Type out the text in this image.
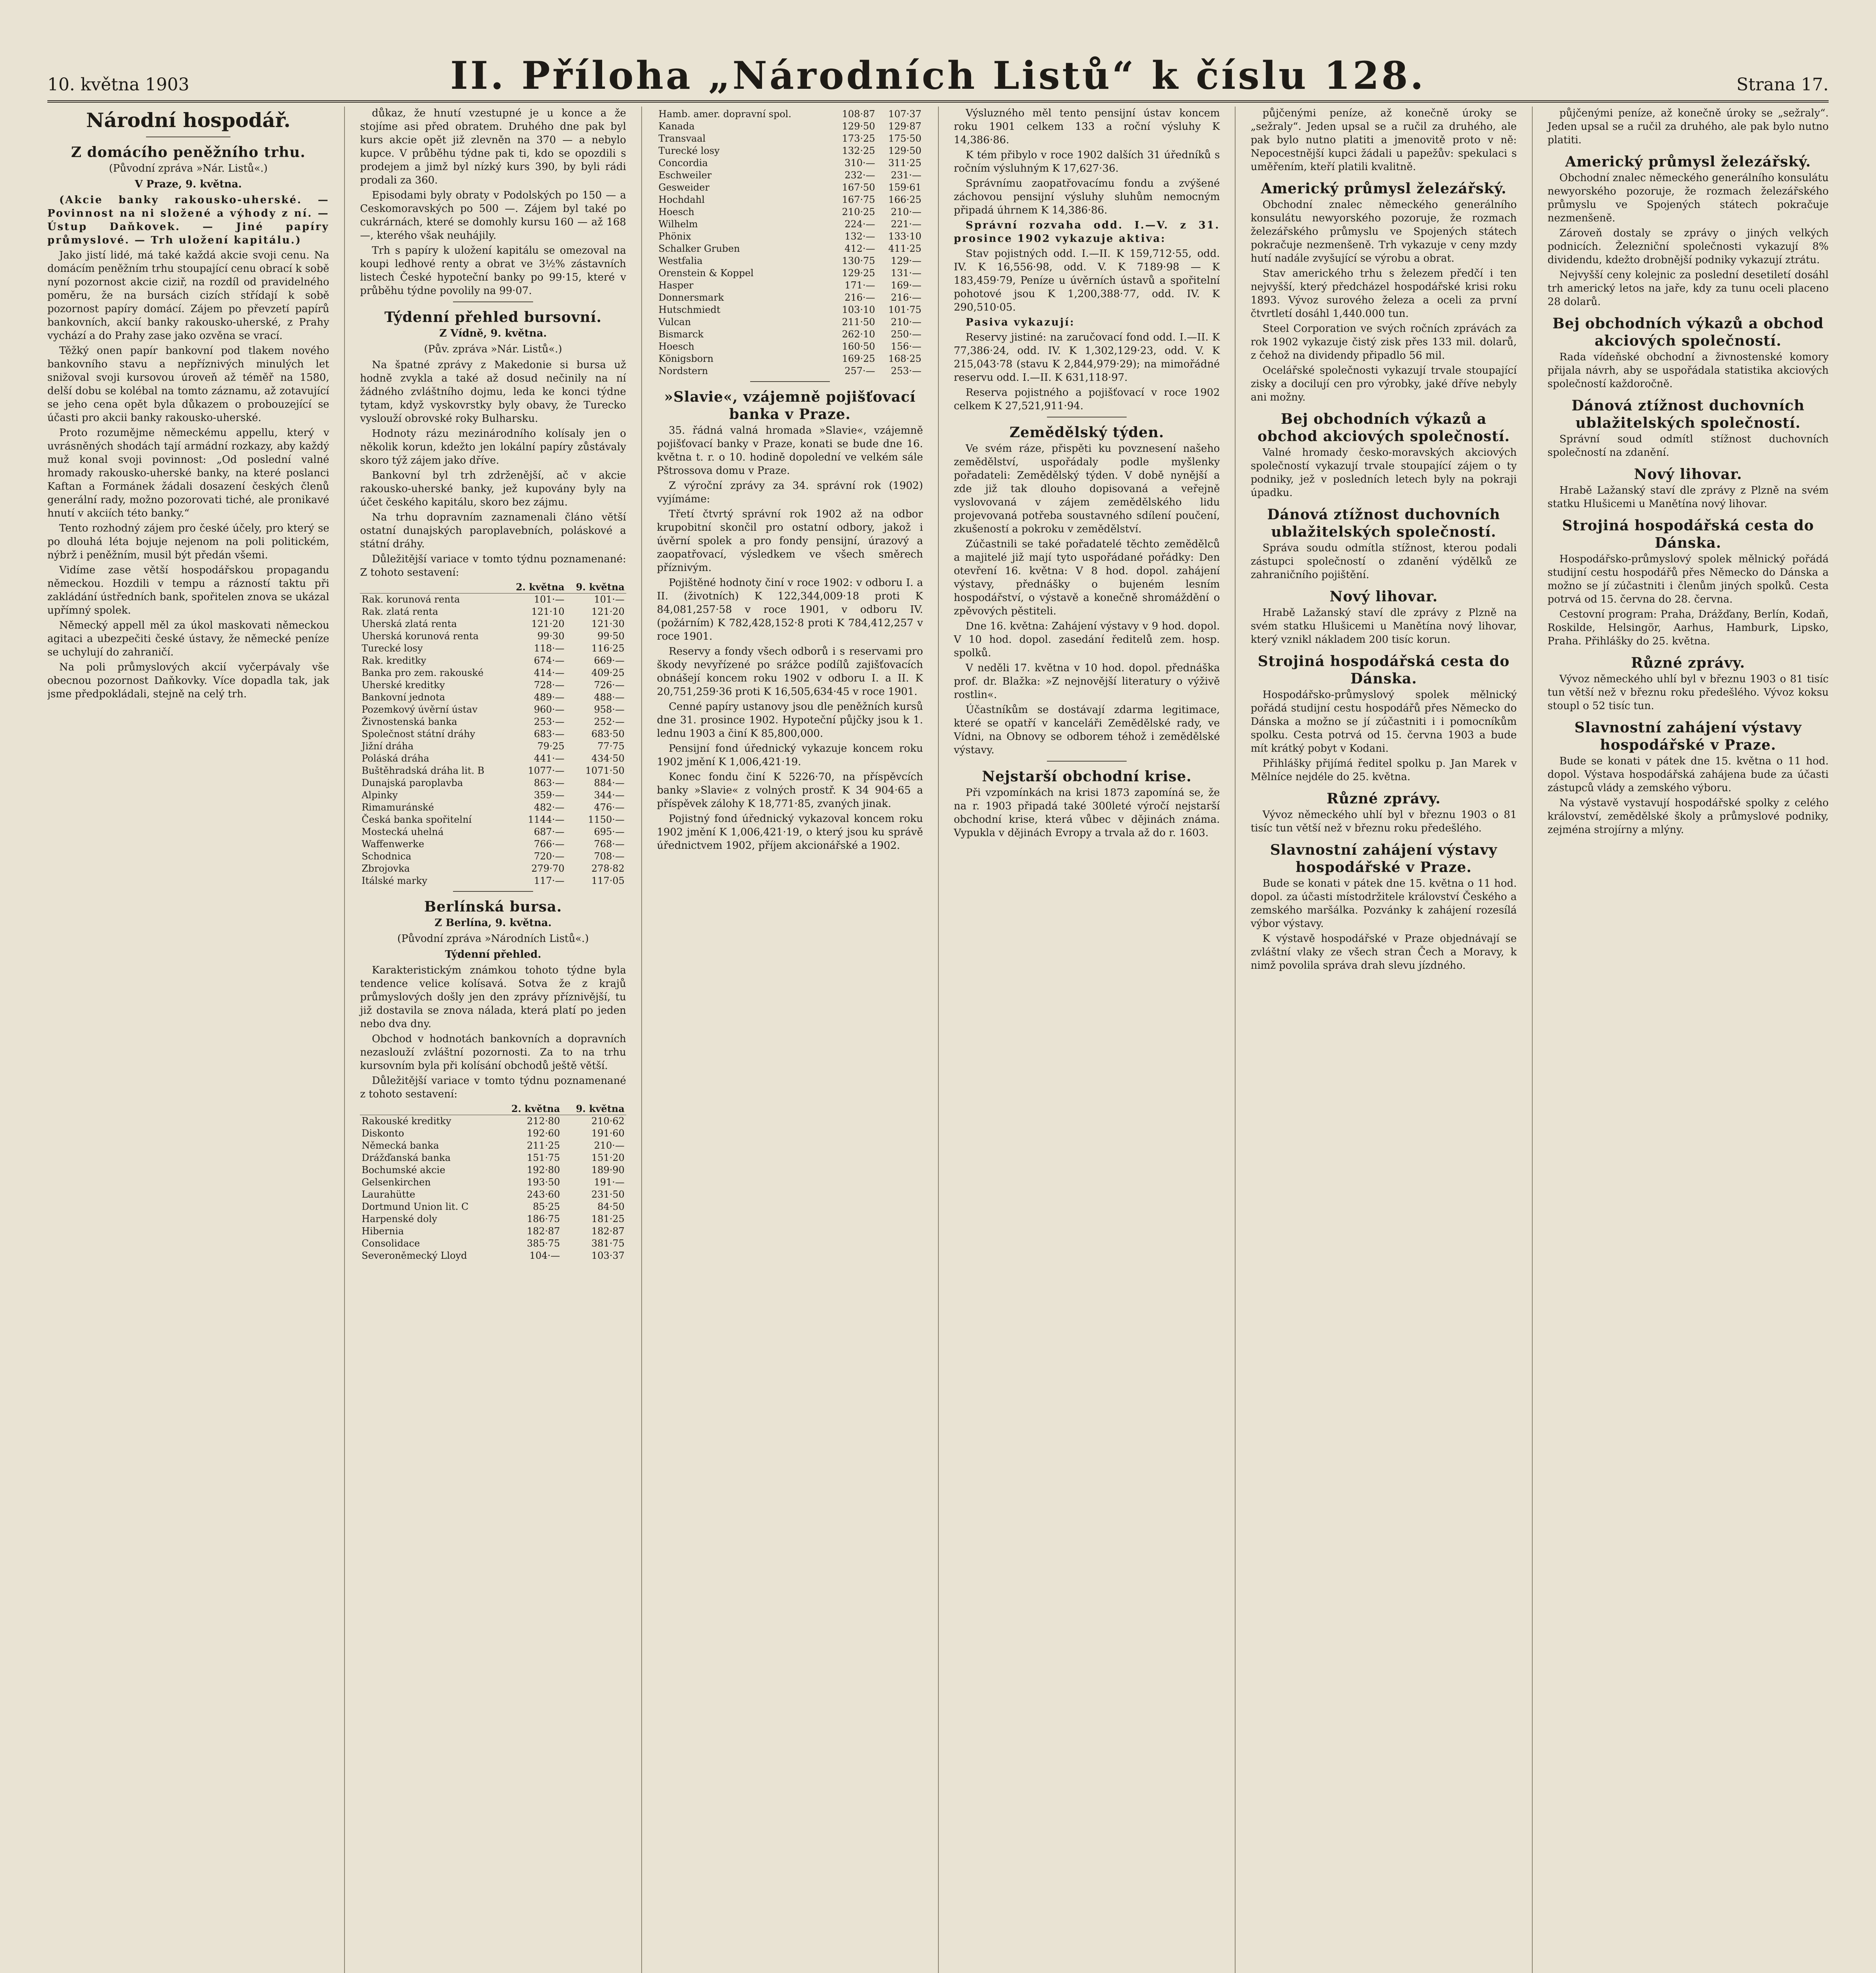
10. května 1903	II. Příloha „Národních Listů“ k číslu 128.	Strana 17.
Národní hospodář.
Z domácího peněžního trhu.
(Původní zpráva »Nár. Listů«.)
V Praze, 9. května.

(Akcie banky rakousko-uherské. — Povinnost na ni složené a výhody z ní. — Ústup Daňkovek. — Jiné papíry průmyslové. — Trh uložení kapitálu.)

Jako jistí lidé, má také každá akcie svoji cenu. Na domácím peněžním trhu stoupající cenu obrací k sobě nyní pozornost akcie ciziř, na rozdíl od pravidelného poměru, že na bursách cizích střídají k sobě pozornost papíry domácí. Zájem po převzetí papírů bankovních, akcií banky rakousko-uherské, z Prahy vychází a do Prahy zase jako ozvěna se vrací.

Těžký onen papír bankovní pod tlakem nového bankovního stavu a nepříznivých minulých let snižoval svoji kursovou úroveň až téměř na 1580, delší dobu se kolébal na tomto záznamu, až zotavující se jeho cena opět byla důkazem o probouzející se účasti pro akcii banky rakousko-uherské.

Proto rozumějme německému appellu, který v uvrásněných shodách tají armádní rozkazy, aby každý muž konal svoji povinnost: „Od poslední valné hromady rakousko-uherské banky, na které poslanci Kaftan a Formánek žádali dosazení českých členů generální rady, možno pozorovati tiché, ale pronikavé hnutí v akciích této banky.“

Tento rozhodný zájem pro české účely, pro který se po dlouhá léta bojuje nejenom na poli politickém, nýbrž i peněžním, musil být předán všemi.

Vidíme zase větší hospodářskou propagandu německou. Hozdili v tempu a rázností taktu při zakládání ústředních bank, spořitelen znova se ukázal upřímný spolek.

Německý appell měl za úkol maskovati německou agitaci a ubezpečiti české ústavy, že německé peníze se uchylují do zahraničí.

Na poli průmyslových akcií vyčerpávaly vše obecnou pozornost Daňkovky. Více dopadla tak, jak jsme předpokládali, stejně na celý trh.

důkaz, že hnutí vzestupné je u konce a že stojíme asi před obratem. Druhého dne pak byl kurs akcie opět již zlevněn na 370 — a nebylo kupce. V průběhu týdne pak ti, kdo se opozdili s prodejem a jimž byl nízký kurs 390, by byli rádi prodali za 360.

Episodami byly obraty v Podolských po 150 — a Ceskomoravských po 500 —. Zájem byl také po cukrárnách, které se domohly kursu 160 — až 168 —, kterého však neuhájily.

Trh s papíry k uložení kapitálu se omezoval na koupi ledhové renty a obrat ve 3½% zástavních listech České hypoteční banky po 99·15, které v průběhu týdne povolily na 99·07.

Týdenní přehled bursovní.
Z Vídně, 9. května.
(Pův. zpráva »Nár. Listů«.)

Na špatné zprávy z Makedonie si bursa už hodně zvykla a také až dosud nečinily na ní žádného zvláštního dojmu, leda ke konci týdne tytam, když vyskovrstky byly obavy, že Turecko vyslouží obrovské roky Bulharsku.

Hodnoty rázu mezinárodního kolísaly jen o několik korun, kdežto jen lokální papíry zůstávaly skoro týž zájem jako dříve.

Bankovní byl trh zdrženější, ač v akcie rakousko-uherské banky, jež kupovány byly na účet českého kapitálu, skoro bez zájmu.

Na trhu dopravním zaznamenali článo větší ostatní dunajských paroplavebních, poláskové a státní dráhy.

Důležitější variace v tomto týdnu poznamenané: Z tohoto sestavení:

	2. května	9. května
Rak. korunová renta	101·—	101·—
Rak. zlatá renta	121·10	121·20
Uherská zlatá renta	121·20	121·30
Uherská korunová renta	99·30	99·50
Turecké losy	118·—	116·25
Rak. kreditky	674·—	669·—
Banka pro zem. rakouské	414·—	409·25
Uherské kreditky	728·—	726·—
Bankovní jednota	489·—	488·—
Pozemkový úvěrní ústav	960·—	958·—
Živnostenská banka	253·—	252·—
Společnost státní dráhy	683·—	683·50
Jižní dráha	79·25	77·75
Poláská dráha	441·—	434·50
Buštěhradská dráha lit. B	1077·—	1071·50
Dunajská paroplavba	863·—	884·—
Alpinky	359·—	344·—
Rimamuránské	482·—	476·—
Česká banka spořitelní	1144·—	1150·—
Mostecká uhelná	687·—	695·—
Waffenwerke	766·—	768·—
Schodnica	720·—	708·—
Zbrojovka	279·70	278·82
Itálské marky	117·—	117·05
Berlínská bursa.
Z Berlína, 9. května.
(Původní zpráva »Národních Listů«.)
Týdenní přehled.

Karakteristickým známkou tohoto týdne byla tendence velice kolísavá. Sotva že z krajů průmyslových došly jen den zprávy příznivější, tu již dostavila se znova nálada, která platí po jeden nebo dva dny.

Obchod v hodnotách bankovních a dopravních nezaslouží zvláštní pozornosti. Za to na trhu kursovním byla při kolísání obchodů ještě větší.

Důležitější variace v tomto týdnu poznamenané z tohoto sestavení:

	2. května	9. května
Rakouské kreditky	212·80	210·62
Diskonto	192·60	191·60
Německá banka	211·25	210·—
Drážďanská banka	151·75	151·20
Bochumské akcie	192·80	189·90
Gelsenkirchen	193·50	191·—
Laurahütte	243·60	231·50
Dortmund Union lit. C	85·25	84·50
Harpenské doly	186·75	181·25
Hibernia	182·87	182·87
Consolidace	385·75	381·75
Severoněmecký Lloyd	104·—	103·37
Hamb. amer. dopravní spol.	108·87	107·37
Kanada	129·50	129·87
Transvaal	173·25	175·50
Turecké losy	132·25	129·50
Concordia	310·—	311·25
Eschweiler	232·—	231·—
Gesweider	167·50	159·61
Hochdahl	167·75	166·25
Hoesch	210·25	210·—
Wilhelm	224·—	221·—
Phönix	132·—	133·10
Schalker Gruben	412·—	411·25
Westfalia	130·75	129·—
Orenstein & Koppel	129·25	131·—
Hasper	171·—	169·—
Donnersmark	216·—	216·—
Hutschmiedt	103·10	101·75
Vulcan	211·50	210·—
Bismarck	262·10	250·—
Hoesch	160·50	156·—
Königsborn	169·25	168·25
Nordstern	257·—	253·—
»Slavie«, vzájemně pojišťovací banka v Praze.

35. řádná valná hromada »Slavie«, vzájemně pojišťovací banky v Praze, konati se bude dne 16. května t. r. o 10. hodině dopolední ve velkém sále Pštrossova domu v Praze.

Z výroční zprávy za 34. správní rok (1902) vyjímáme:

Třetí čtvrtý správní rok 1902 až na odbor krupobitní skončil pro ostatní odbory, jakož i úvěrní spolek a pro fondy pensijní, úrazový a zaopatřovací, výsledkem ve všech směrech příznivým.

Pojištěné hodnoty činí v roce 1902: v odboru I. a II. (životních) K 122,344,009·18 proti K 84,081,257·58 v roce 1901, v odboru IV. (požárním) K 782,428,152·8 proti K 784,412,257 v roce 1901.

Reservy a fondy všech odborů i s reservami pro škody nevyřízené po srážce podílů zajišťovacích obnášejí koncem roku 1902 v odboru I. a II. K 20,751,259·36 proti K 16,505,634·45 v roce 1901.

Cenné papíry ustanovy jsou dle peněžních kursů dne 31. prosince 1902. Hypoteční půjčky jsou k 1. lednu 1903 a činí K 85,800,000.

Pensijní fond úřednický vykazuje koncem roku 1902 jmění K 1,006,421·19.

Konec fondu činí K 5226·70, na příspěvcích banky »Slavie« z volných prostř. K 34 904·65 a příspěvek zálohy K 18,771·85, zvaných jinak.

Pojistný fond úřednický vykazoval koncem roku 1902 jmění K 1,006,421·19, o který jsou ku správě úřednictvem 1902, příjem akcionářské a 1902.

Výsluzného měl tento pensijní ústav koncem roku 1901 celkem 133 a roční výsluhy K 14,386·86.

K tém přibylo v roce 1902 dalších 31 úředníků s ročním výsluhným K 17,627·36.

Správnímu zaopatřovacímu fondu a zvýšené záchovou pensijní výsluhy sluhům nemocným připadá úhrnem K 14,386·86.

Správní rozvaha odd. I.—V. z 31. prosince 1902 vykazuje aktiva:

Stav pojistných odd. I.—II. K 159,712·55, odd. IV. K 16,556·98, odd. V. K 7189·98 — K 183,459·79, Peníze u úvěrních ústavů a spořitelní pohotové jsou K 1,200,388·77, odd. IV. K 290,510·05.

Pasiva vykazují:

Reservy jistiné: na zaručovací fond odd. I.—II. K 77,386·24, odd. IV. K 1,302,129·23, odd. V. K 215,043·78 (stavu K 2,844,979·29); na mimořádné reservu odd. I.—II. K 631,118·97.

Reserva pojistného a pojišťovací v roce 1902 celkem K 27,521,911·94.

Zemědělský týden.

Ve svém ráze, přispěti ku povznesení našeho zemědělství, uspořádaly podle myšlenky pořadateli: Zemědělský týden. V době nynější a zde již tak dlouho dopisovaná a veřejně vyslovovaná v zájem zemědělského lidu projevovaná potřeba soustavného sdílení poučení, zkušeností a pokroku v zemědělství.

Zúčastnili se také pořadatelé těchto zemědělců a majitelé již mají tyto uspořádané pořádky: Den otevření 16. května: V 8 hod. dopol. zahájení výstavy, přednášky o bujeném lesním hospodářství, o výstavě a konečně shromáždění o zpěvových pěstiteli.

Dne 16. května: Zahájení výstavy v 9 hod. dopol. V 10 hod. dopol. zasedání ředitelů zem. hosp. spolků.

V neděli 17. května v 10 hod. dopol. přednáška prof. dr. Blažka: »Z nejnovější literatury o výživě rostlin«.

Účastníkům se dostávají zdarma legitimace, které se opatří v kanceláři Zemědělské rady, ve Vídni, na Obnovy se odborem téhož i zemědělské výstavy.

Nejstarší obchodní krise.

Při vzpomínkách na krisi 1873 zapomíná se, že na r. 1903 připadá také 300leté výročí nejstarší obchodní krise, která vůbec v dějinách známa. Vypukla v dějinách Evropy a trvala až do r. 1603.

půjčenými peníze, až konečně úroky se „sežraly“. Jeden upsal se a ručil za druhého, ale pak bylo nutno platiti a jmenovitě proto v ně: Nepocestnější kupci žádali u papežův: spekulaci s uměřením, kteří platili kvalitně.

Americký průmysl železářský.

Obchodní znalec německého generálního konsulátu newyorského pozoruje, že rozmach železářského průmyslu ve Spojených státech pokračuje nezmenšeně. Trh vykazuje v ceny mzdy hutí nadále zvyšující se výrobu a obrat.

Stav amerického trhu s železem předčí i ten nejvyšší, který předcházel hospodářské krisi roku 1893. Vývoz surového železa a oceli za první čtvrtletí dosáhl 1,440.000 tun.

Steel Corporation ve svých ročních zprávách za rok 1902 vykazuje čistý zisk přes 133 mil. dolarů, z čehož na dividendy připadlo 56 mil.

Ocelářské společnosti vykazují trvale stoupající zisky a docilují cen pro výrobky, jaké dříve nebyly ani možny.

Bej obchodních výkazů a obchod akciových společností.

Valné hromady česko-moravských akciových společností vykazují trvale stoupající zájem o ty podniky, jež v posledních letech byly na pokraji úpadku.

Dánová ztížnost duchovních ublažitelských společností.

Správa soudu odmítla stížnost, kterou podali zástupci společností o zdanění výdělků ze zahraničního pojištění.

Nový lihovar.

Hrabě Lažanský staví dle zprávy z Plzně na svém statku Hlušicemi u Manětína nový lihovar, který vznikl nákladem 200 tisíc korun.

Strojiná hospodářská cesta do Dánska.

Hospodářsko-průmyslový spolek mělnický pořádá studijní cestu hospodářů přes Německo do Dánska a možno se jí zúčastniti i i pomocníkům spolku. Cesta potrvá od 15. června 1903 a bude mít krátký pobyt v Kodani.

Přihlášky přijímá ředitel spolku p. Jan Marek v Mělníce nejdéle do 25. května.

Různé zprávy.

Vývoz německého uhlí byl v březnu 1903 o 81 tisíc tun větší než v březnu roku předešlého.

Slavnostní zahájení výstavy hospodářské v Praze.

Bude se konati v pátek dne 15. května o 11 hod. dopol. za účasti místodržitele království Českého a zemského maršálka. Pozvánky k zahájení rozesílá výbor výstavy.

K výstavě hospodářské v Praze objednávají se zvláštní vlaky ze všech stran Čech a Moravy, k nimž povolila správa drah slevu jízdného.

půjčenými peníze, až konečně úroky se „sežraly“. Jeden upsal se a ručil za druhého, ale pak bylo nutno platiti.

Americký průmysl železářský.

Obchodní znalec německého generálního konsulátu newyorského pozoruje, že rozmach železářského průmyslu ve Spojených státech pokračuje nezmenšeně.

Zároveň dostaly se zprávy o jiných velkých podnicích. Železniční společnosti vykazují 8% dividendu, kdežto drobnější podniky vykazují ztrátu.

Nejvyšší ceny kolejnic za poslední desetiletí dosáhl trh americký letos na jaře, kdy za tunu oceli placeno 28 dolarů.

Bej obchodních výkazů a obchod akciových společností.

Rada vídeňské obchodní a živnostenské komory přijala návrh, aby se uspořádala statistika akciových společností každoročně.

Dánová ztížnost duchovních ublažitelských společností.

Správní soud odmítl stížnost duchovních společností na zdanění.

Nový lihovar.

Hrabě Lažanský staví dle zprávy z Plzně na svém statku Hlušicemi u Manětína nový lihovar.

Strojiná hospodářská cesta do Dánska.

Hospodářsko-průmyslový spolek mělnický pořádá studijní cestu hospodářů přes Německo do Dánska a možno se jí zúčastniti i členům jiných spolků. Cesta potrvá od 15. června do 28. června.

Cestovní program: Praha, Drážďany, Berlín, Kodaň, Roskilde, Helsingör, Aarhus, Hamburk, Lipsko, Praha. Přihlášky do 25. května.

Různé zprávy.

Vývoz německého uhlí byl v březnu 1903 o 81 tisíc tun větší než v březnu roku předešlého. Vývoz koksu stoupl o 52 tisíc tun.

Slavnostní zahájení výstavy hospodářské v Praze.

Bude se konati v pátek dne 15. května o 11 hod. dopol. Výstava hospodářská zahájena bude za účasti zástupců vlády a zemského výboru.

Na výstavě vystavují hospodářské spolky z celého království, zemědělské školy a průmyslové podniky, zejména strojírny a mlýny.
